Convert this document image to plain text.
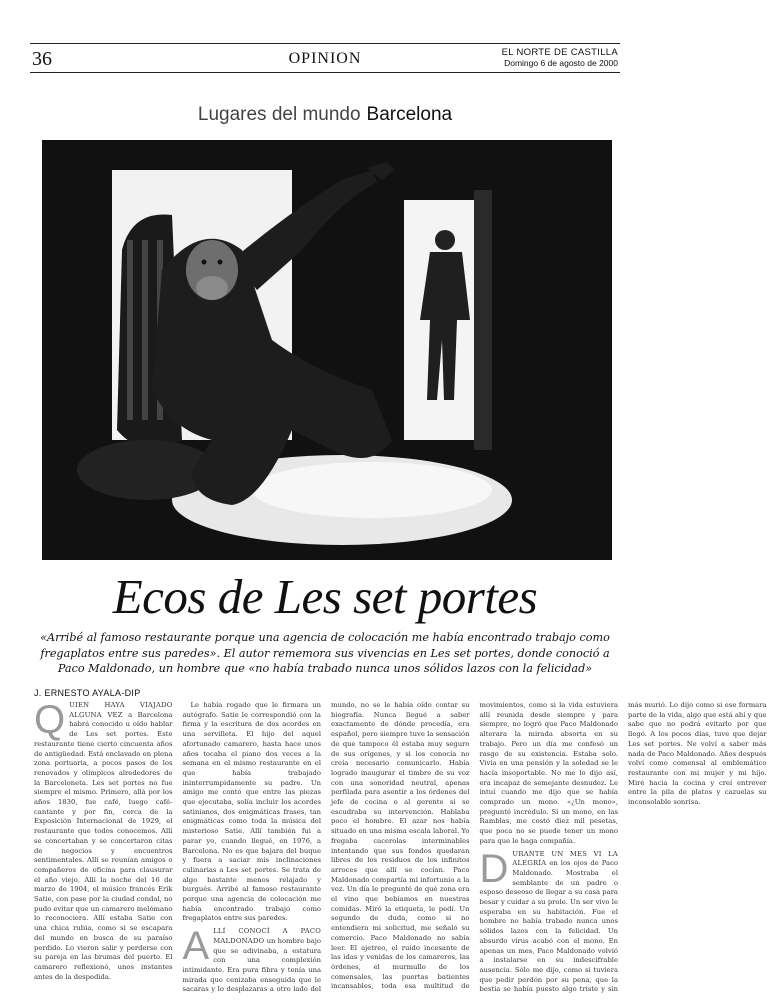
36	OPINION	EL NORTE DE CASTILLA
Domingo 6 de agosto de 2000
Lugares del mundo Barcelona
JOSÉ IBARROLA
Ecos de Les set portes
«Arribé al famoso restaurante porque una agencia de colocación me había encontrado trabajo como fregaplatos entre sus paredes». El autor rememora sus vivencias en Les set portes, donde conoció a Paco Maldonado, un hombre que «no había trabado nunca unos sólidos lazos con la felicidad»
J. ERNESTO AYALA-DIP

QUIEN HAYA VIAJADO ALGUNA VEZ a Barcelona habrá conocido u oído hablar de Les set portes. Este restaurante tiene cierto cincuenta años de antigüedad. Está enclavado en plena zona portuaria, a pocos pasos de los renovados y olímpicos alrededores de la Barceloneta. Les set portes no fue siempre el mismo. Primero, allá por los años 1830, fue café, luego café-cantante y por fin, cerca de la Exposición Internacional de 1929, el restaurante que todos conocemos. Allí se concertaban y se concertaron citas de negocios y encuentros sentimentales. Allí se reunían amigos o compañeros de oficina para clausurar el año viejo. Allí la noche del 16 de marzo de 1904, el músico francés Erik Satie, con pase por la ciudad condal, no pudo evitar que un camarero melómano lo reconociera. Allí estaba Satie con una chica rubia, como si se escapara del mundo en busca de su paraíso perdido. Lo vieron salir y perderse con su pareja en las brumas del puerto. El camarero reflexionó, unos instantes antes de la despedida.

Le había rogado que le firmara un autógrafo. Satie le correspondió con la firma y la escritura de dos acordes en una servilleta. El hijo del aquel afortunado camarero, hasta hace unos años tocaba el piano dos veces a la semana en el mismo restaurante en el que había trabajado ininterrumpidamente su padre. Un amigo me contó que entre las piezas que ejecutaba, solía incluir los acordes satinianos, dos enigmáticas frases, tan enigmáticas como toda la música del misterioso Satie. Allí también fui a parar yo, cuando llegué, en 1976, a Barcelona. No es que bajara del buque y fuera a saciar mis inclinaciones culinarias a Les set portes. Se trata de algo bastante menos relajado y burgués. Arribé al famoso restaurante porque una agencia de colocación me había encontrado trabajo como fregaplatos entre sus paredes.

ALLÍ CONOCÍ A PACO MALDONADO un hombre bajo que se adivinaba, a estatura con una complexión intimidante. Era pura fibra y tenía una mirada que cenizaba enseguida que le sacaras y lo desplazaras a otro lado del mundo, no se le había oído contar su biografía. Nunca llegué a saber exactamente de dónde procedía, era español, pero siempre tuve la sensación de que tampoco él estaba muy seguro de sus orígenes, y si los conocía no creía necesario comunicarlo. Había logrado inaugurar el timbre de su voz con una sonoridad neutral, apenas perfilada para asentir a los órdenes del jefe de cocina o al gerente si se escudraba su intervención. Hablaba poco el hombre. El azar nos había situado en una misma escala laboral. Yo fregaba cacerolas interminables intentando que sus fondos quedaran libres de los residuos de los infinitos arroces que allí se cocían. Paco Maldonado compartía mi infortunio a la vez. Un día le pregunté de qué zona era el vino que bebíamos en nuestras comidas. Miró la etiqueta, le pedí. Un segundo de duda, como si no entendiera mi solicitud, me señaló su comercio. Paco Maldonado no sabía leer. El ajetreo, el ruido incesante de las idas y venidas de los camareros, las órdenes, el murmullo de los comensales, las puertas batientes incansables, toda esa multitud de movimientos, como si la vida estuviera allí reunida desde siempre y para siempre, no logró que Paco Maldonado alterara la mirada absorta en su trabajo. Pero un día me confesó un rasgo de su existencia. Estaba solo. Vivía en una pensión y la soledad se le hacía insoportable. No me lo dijo así, era incapaz de semejante desnudez. Le intuí cuando me dijo que se había comprado un mono. «¿Un mono», pregunté incrédulo. Sí un mono, en las Ramblas, me costó diez mil pesetas, que poca no se puede tener un mono para que le haga compañía.

DURANTE UN MES VI LA ALEGRÍA en los ojos de Paco Maldonado. Mostraba el semblante de un padre o esposo deseoso de llegar a su casa para besar y cuidar a su prole. Un ser vivo le esperaba en su habitación. Fue el hombre no había trabado nunca unos sólidos lazos con la felicidad. Un absurdo virus acabó con el mono. En apenas un mes, Paco Maldonado volvió a instalarse en su indescifrable ausencia. Sólo me dijo, como si tuviera que pedir perdón por su pena, que la bestia se había puesto algo triste y sin más murió. Lo dijo como si ese formara parte de la vida, algo que está ahí y que sabe que no podrá evitarlo por que llegó. A los pocos días, tuve que dejar Les set portes. Ne volví a saber más nada de Paco Maldonado. Años después volví como comensal al emblemático restaurante con mi mujer y mi hijo. Miré hacia la cocina y creí entrever entre la pila de platos y cazuelas su inconsolable sonrisa.
